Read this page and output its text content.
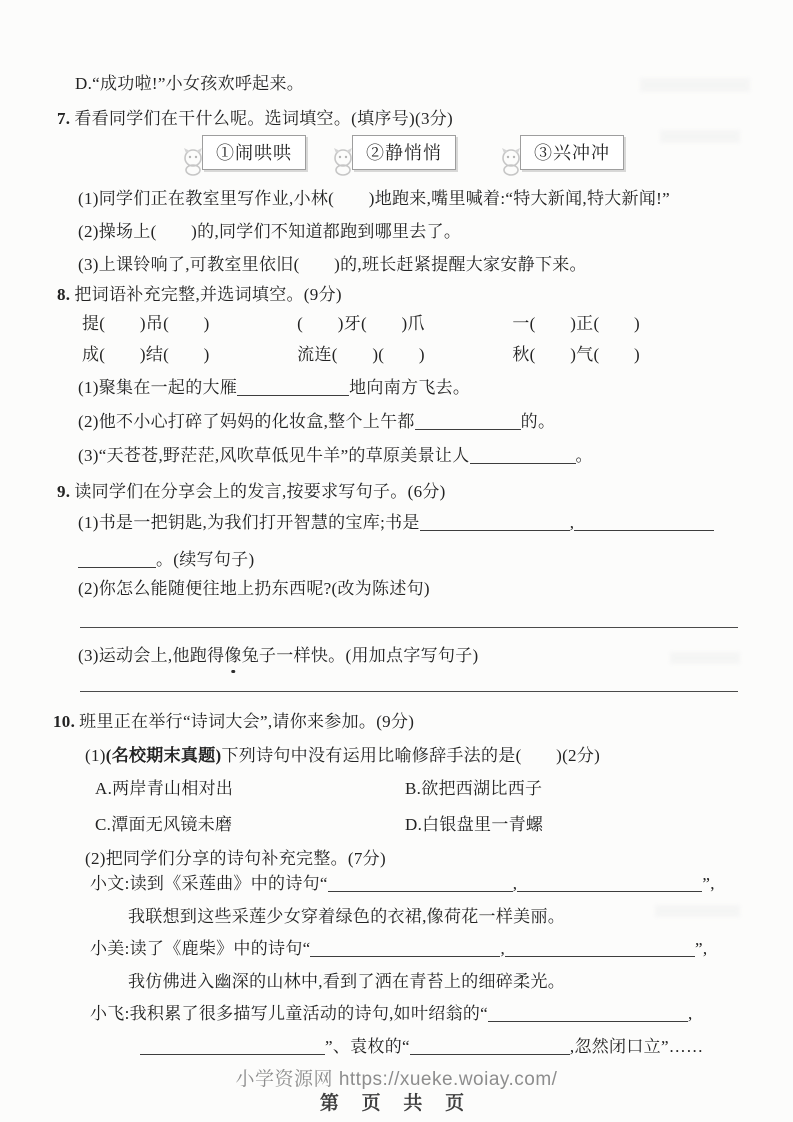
D.“成功啦!”小女孩欢呼起来。
7. 看看同学们在干什么呢。选词填空。(填序号)(3分)
①闹哄哄	②静悄悄	③兴冲冲
(1)同学们正在教室里写作业,小林(　　)地跑来,嘴里喊着:“特大新闻,特大新闻!”
(2)操场上(　　)的,同学们不知道都跑到哪里去了。
(3)上课铃响了,可教室里依旧(　　)的,班长赶紧提醒大家安静下来。
8. 把词语补充完整,并选词填空。(9分)
提(　　)吊(　　)	(　　)牙(　　)爪	一(　　)正(　　)
成(　　)结(　　)	流连(　　)(　　)	秋(　　)气(　　)
(1)聚集在一起的大雁	地向南方飞去。
(2)他不小心打碎了妈妈的化妆盒,整个上午都	的。
(3)“天苍苍,野茫茫,风吹草低见牛羊”的草原美景让人	。
9. 读同学们在分享会上的发言,按要求写句子。(6分)
(1)书是一把钥匙,为我们打开智慧的宝库;书是	,
。(续写句子)
(2)你怎么能随便往地上扔东西呢?(改为陈述句)
(3)运动会上,他跑得像兔子一样快。(用加点字写句子)
10. 班里正在举行“诗词大会”,请你来参加。(9分)
(1)(名校期末真题)下列诗句中没有运用比喻修辞手法的是(　　)(2分)
A.两岸青山相对出	B.欲把西湖比西子
C.潭面无风镜未磨	D.白银盘里一青螺
(2)把同学们分享的诗句补充完整。(7分)
小文:读到《采莲曲》中的诗句“	,	”,
我联想到这些采莲少女穿着绿色的衣裙,像荷花一样美丽。
小美:读了《鹿柴》中的诗句“	,	”,
我仿佛进入幽深的山林中,看到了洒在青苔上的细碎柔光。
小飞:我积累了很多描写儿童活动的诗句,如叶绍翁的“	,
”、袁枚的“	,忽然闭口立”……
小学资源网 https://xueke.woiay.com/
第 页 共 页
